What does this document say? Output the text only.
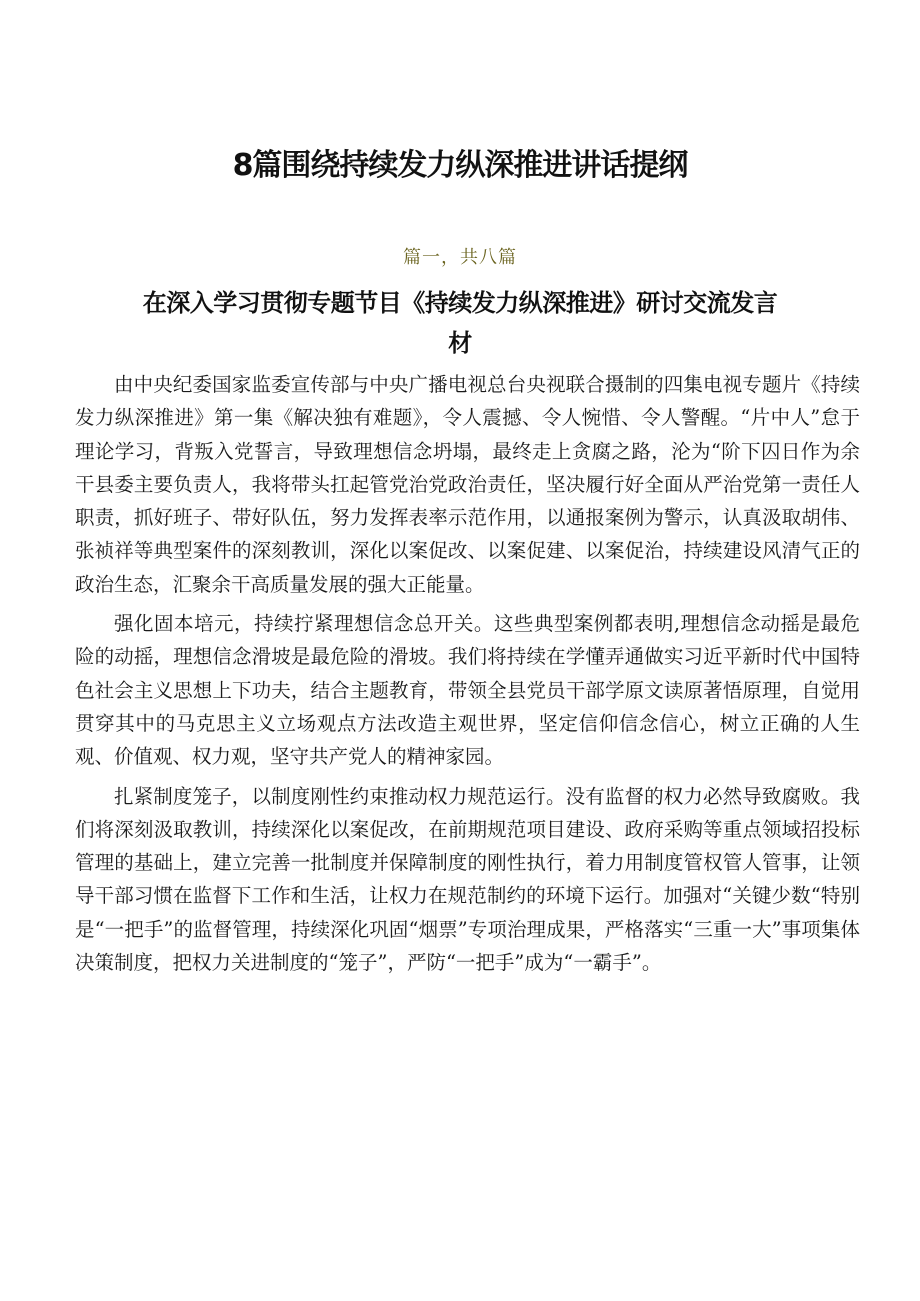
8篇围绕持续发力纵深推进讲话提纲
篇一，共八篇
在深入学习贯彻专题节目《持续发力纵深推进》研讨交流发言材

由中央纪委国家监委宣传部与中央广播电视总台央视联合摄制的四集电视专题片《持续发力纵深推进》第一集《解决独有难题》，令人震撼、令人惋惜、令人警醒。“片中人”怠于理论学习，背叛入党誓言，导致理想信念坍塌，最终走上贪腐之路，沦为“阶下囚日作为余干县委主要负责人，我将带头扛起管党治党政治责任，坚决履行好全面从严治党第一责任人职责，抓好班子、带好队伍，努力发挥表率示范作用，以通报案例为警示，认真汲取胡伟、张祯祥等典型案件的深刻教训，深化以案促改、以案促建、以案促治，持续建设风清气正的政治生态，汇聚余干高质量发展的强大正能量。

强化固本培元，持续拧紧理想信念总开关。这些典型案例都表明,理想信念动摇是最危险的动摇，理想信念滑坡是最危险的滑坡。我们将持续在学懂弄通做实习近平新时代中国特色社会主义思想上下功夫，结合主题教育，带领全县党员干部学原文读原著悟原理，自觉用贯穿其中的马克思主义立场观点方法改造主观世界，坚定信仰信念信心，树立正确的人生观、价值观、权力观，坚守共产党人的精神家园。

扎紧制度笼子，以制度刚性约束推动权力规范运行。没有监督的权力必然导致腐败。我们将深刻汲取教训，持续深化以案促改，在前期规范项目建设、政府采购等重点领域招投标管理的基础上，建立完善一批制度并保障制度的刚性执行，着力用制度管权管人管事，让领导干部习惯在监督下工作和生活，让权力在规范制约的环境下运行。加强对“关键少数“特别是“一把手”的监督管理，持续深化巩固“烟票”专项治理成果，严格落实“三重一大”事项集体决策制度，把权力关进制度的“笼子”，严防“一把手”成为“一霸手”。
